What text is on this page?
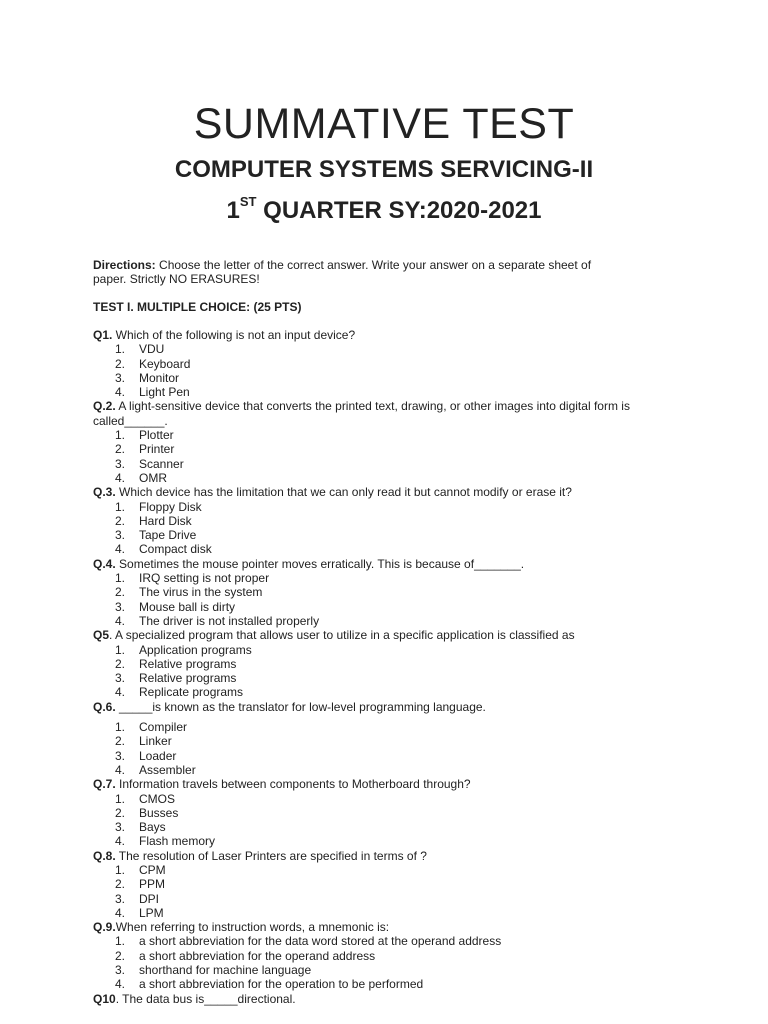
SUMMATIVE TEST
COMPUTER SYSTEMS SERVICING-II
1ST QUARTER SY:2020-2021
Directions: Choose the letter of the correct answer. Write your answer on a separate sheet of paper. Strictly NO ERASURES!
TEST I. MULTIPLE CHOICE: (25 PTS)
Q1. Which of the following is not an input device?
1.	VDU
2.	Keyboard
3.	Monitor
4.	Light Pen
Q.2. A light-sensitive device that converts the printed text, drawing, or other images into digital form is called______.
1.	Plotter
2.	Printer
3.	Scanner
4.	OMR
Q.3. Which device has the limitation that we can only read it but cannot modify or erase it?
1.	Floppy Disk
2.	Hard Disk
3.	Tape Drive
4.	Compact disk
Q.4. Sometimes the mouse pointer moves erratically. This is because of_______.
1.	IRQ setting is not proper
2.	The virus in the system
3.	Mouse ball is dirty
4.	The driver is not installed properly
Q5. A specialized program that allows user to utilize in a specific application is classified as
1.	Application programs
2.	Relative programs
3.	Relative programs
4.	Replicate programs
Q.6. _____is known as the translator for low-level programming language.
1.	Compiler
2.	Linker
3.	Loader
4.	Assembler
Q.7. Information travels between components to Motherboard through?
1.	CMOS
2.	Busses
3.	Bays
4.	Flash memory
Q.8. The resolution of Laser Printers are specified in terms of ?
1.	CPM
2.	PPM
3.	DPI
4.	LPM
Q.9.When referring to instruction words, a mnemonic is:
1.	a short abbreviation for the data word stored at the operand address
2.	a short abbreviation for the operand address
3.	shorthand for machine language
4.	a short abbreviation for the operation to be performed
Q10. The data bus is_____directional.
